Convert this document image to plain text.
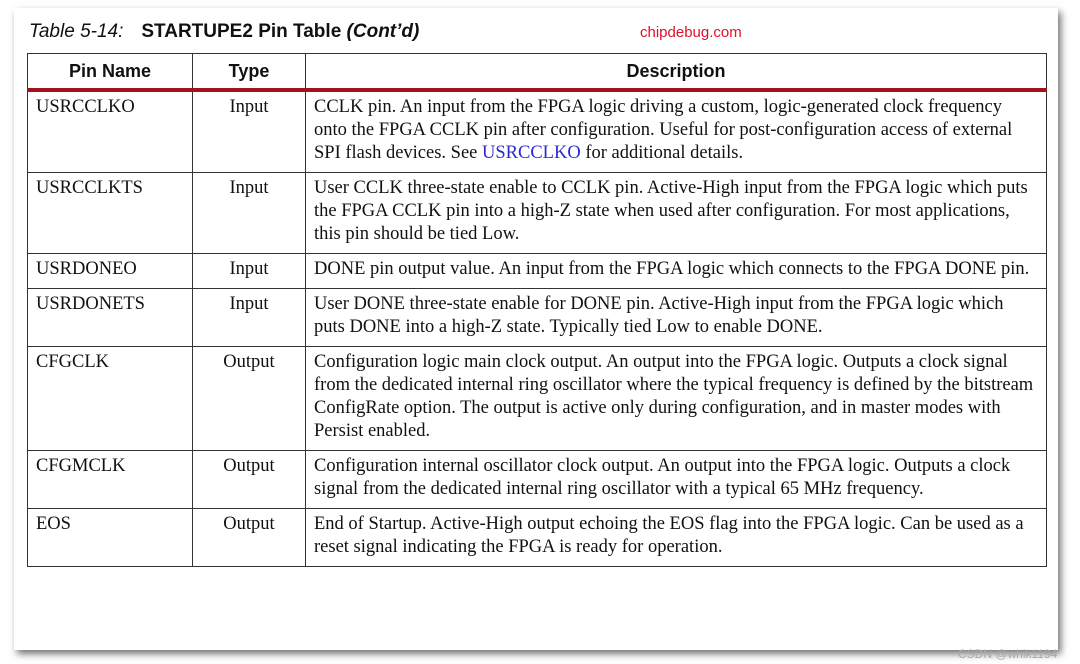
Table 5-14: STARTUPE2 Pin Table (Cont’d)
Pin Name	Type	Description
USRCCLKO	Input	CCLK pin. An input from the FPGA logic driving a custom, logic-generated clock frequency onto the FPGA CCLK pin after configuration. Useful for post-configuration access of external SPI flash devices. See USRCCLKO for additional details.
USRCCLKTS	Input	User CCLK three-state enable to CCLK pin. Active-High input from the FPGA logic which puts the FPGA CCLK pin into a high-Z state when used after configuration. For most applications, this pin should be tied Low.
USRDONEO	Input	DONE pin output value. An input from the FPGA logic which connects to the FPGA DONE pin.
USRDONETS	Input	User DONE three-state enable for DONE pin. Active-High input from the FPGA logic which puts DONE into a high-Z state. Typically tied Low to enable DONE.
CFGCLK	Output	Configuration logic main clock output. An output into the FPGA logic. Outputs a clock signal from the dedicated internal ring oscillator where the typical frequency is defined by the bitstream ConfigRate option. The output is active only during configuration, and in master modes with Persist enabled.
CFGMCLK	Output	Configuration internal oscillator clock output. An output into the FPGA logic. Outputs a clock signal from the dedicated internal ring oscillator with a typical 65 MHz frequency.
EOS	Output	End of Startup. Active-High output echoing the EOS flag into the FPGA logic. Can be used as a reset signal indicating the FPGA is ready for operation.
chipdebug.com
CSDN @whik1194
